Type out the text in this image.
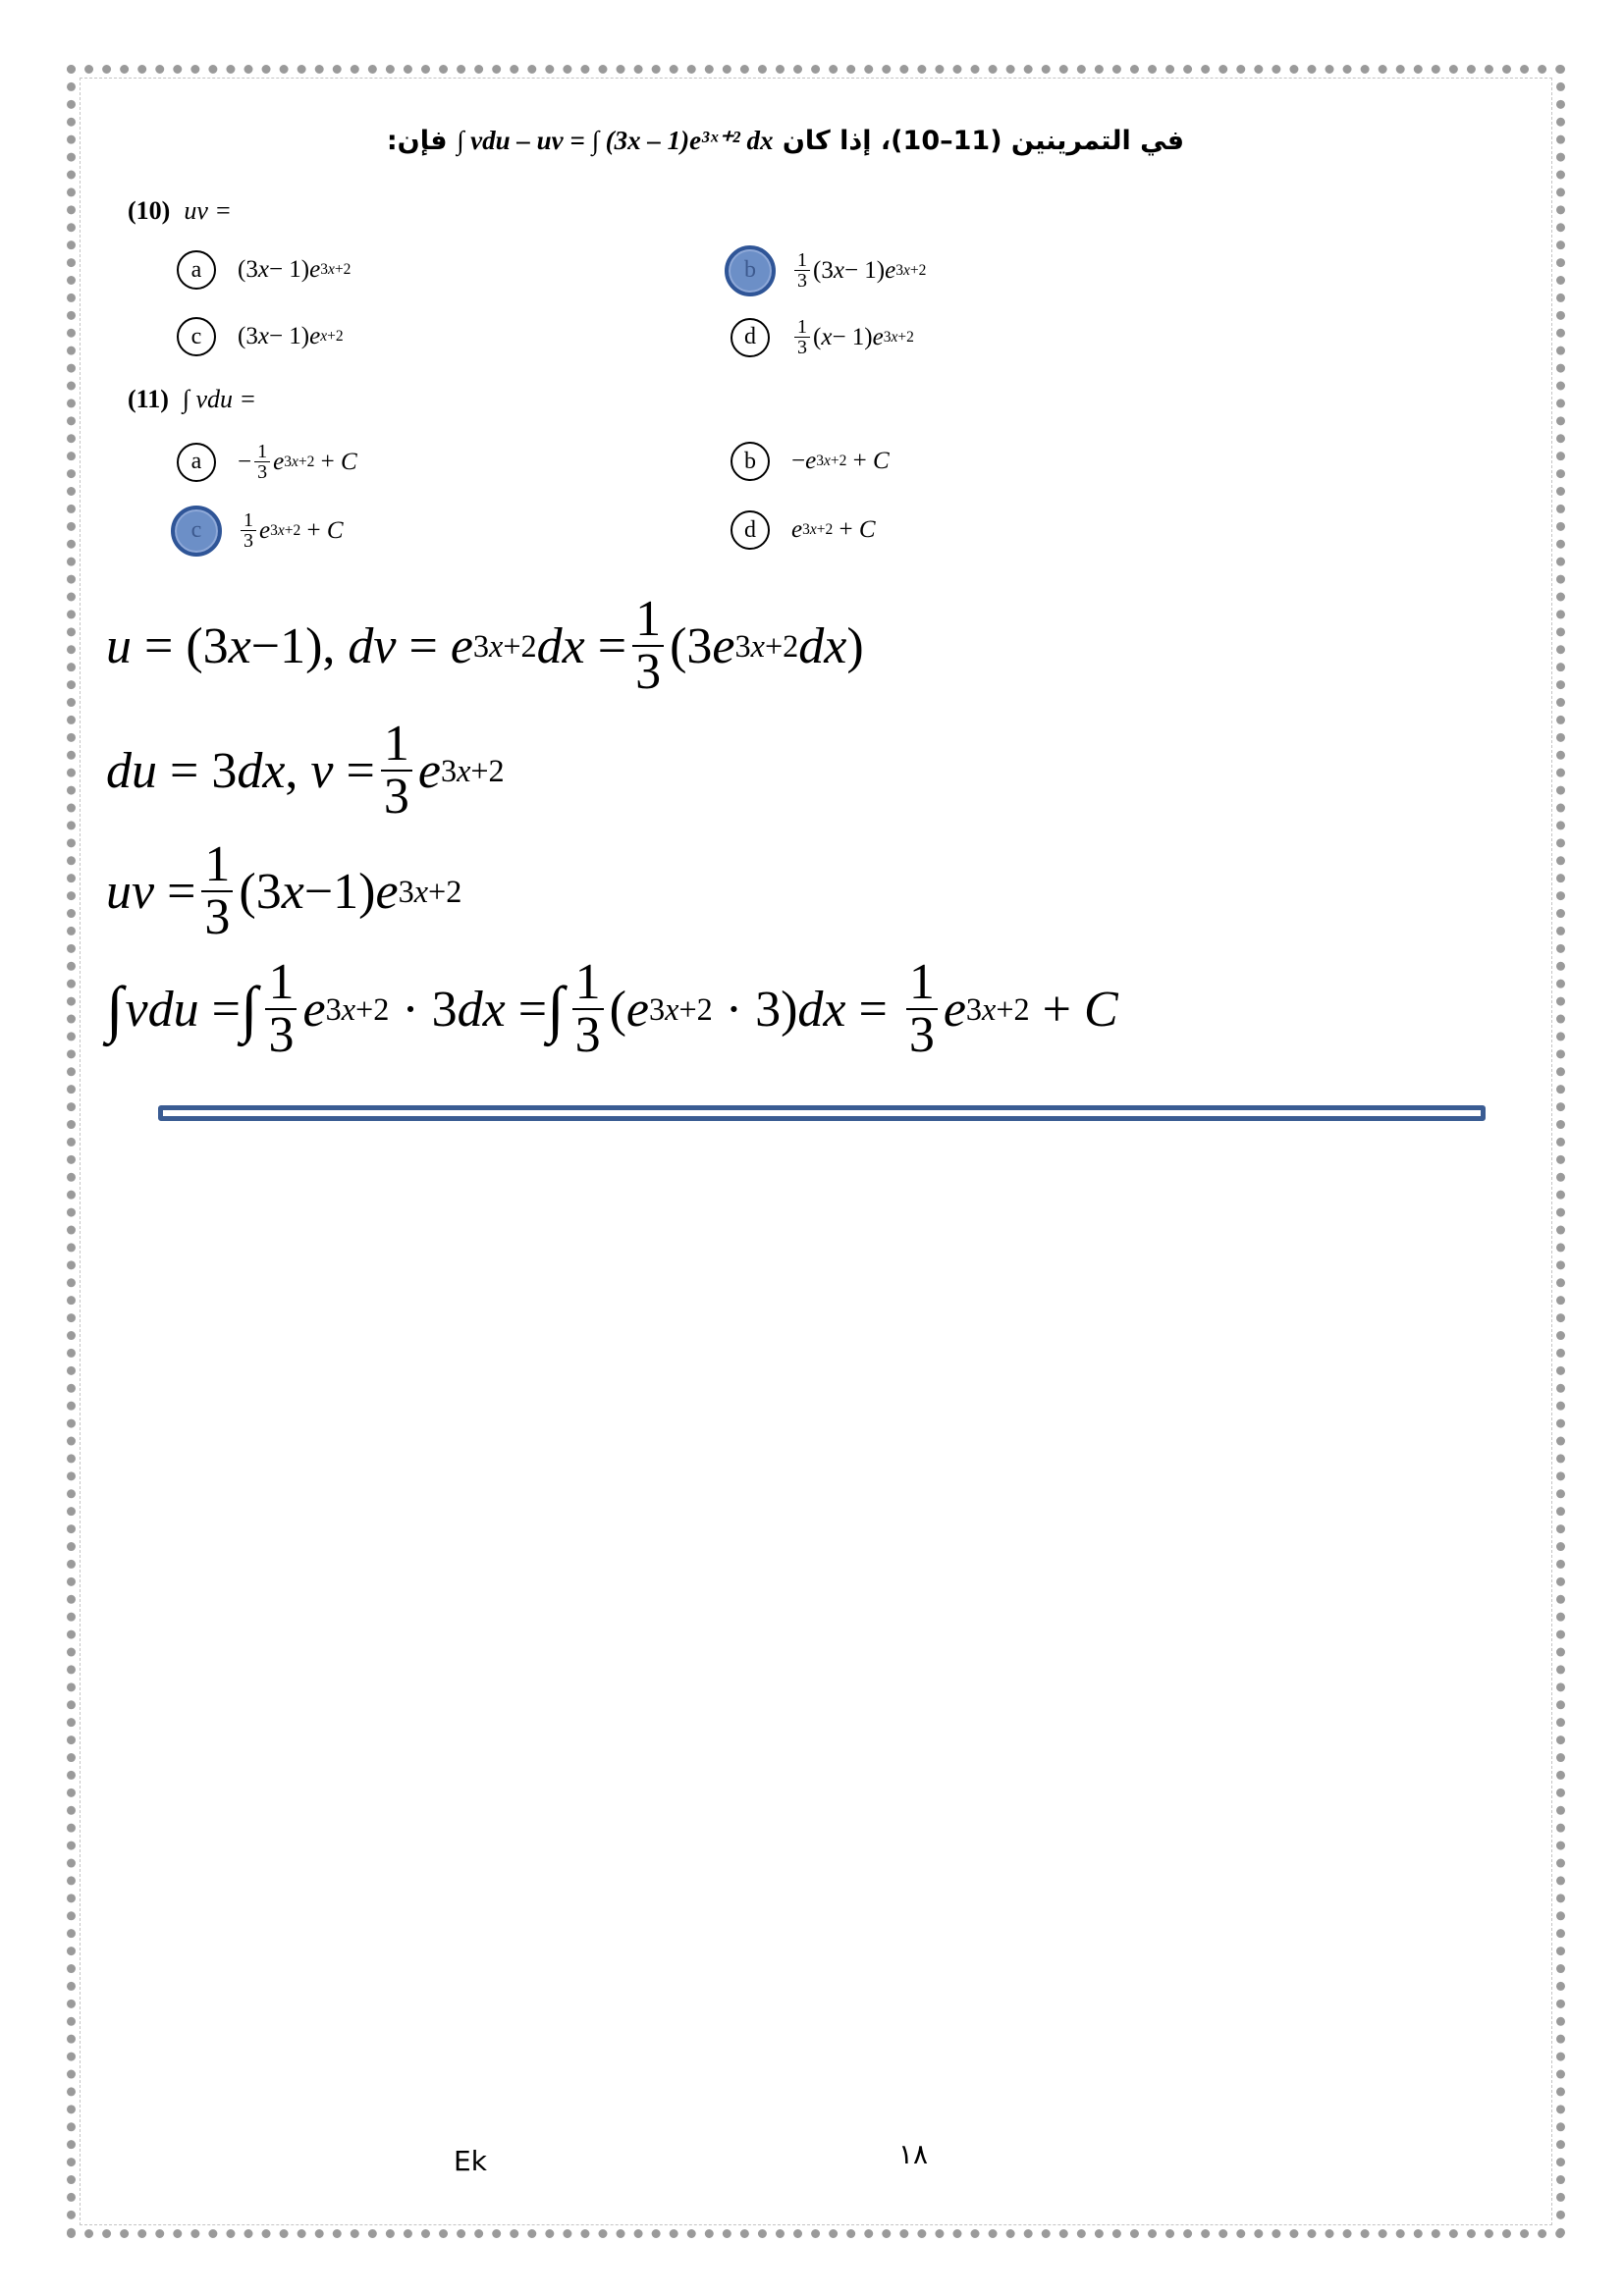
في التمرينين (11–10)، إذا كان ∫ vdu – uv = ∫ (3x – 1)e³ˣ⁺² dx فإن:
(10) uv =
a	(3 x − 1) e 3x+2	b	$\frac{1}{3} (3$ x − 1) e 3x+2
c	(3 x − 1) e x+2	d	$\frac{1}{3}$ ( x − 1) e 3x+2
(11) ∫ vdu =
a	− $\frac{1}{3}$ e 3x+2 + C	b	− e 3x+2 + C
c	$\frac{1}{3}$ e 3x+2 + C	d	e 3x+2 + C
u = (3 x −1), dv = e 3x+2 dx = $\frac{1}{3} (3$ e 3x+2 dx )
du = 3 dx , $v = \frac{1}{3}$ e 3x+2
uv = $\frac{1}{3} (3$ x −1) e 3x+2
∫ vdu = ∫ $\frac{1}{3}$ e 3x+2 · 3 dx = ∫ $\frac{1}{3}$ ( e 3x+2 · 3) dx = $\frac{1}{3}$ e 3x+2 + C
Ek	١٨
